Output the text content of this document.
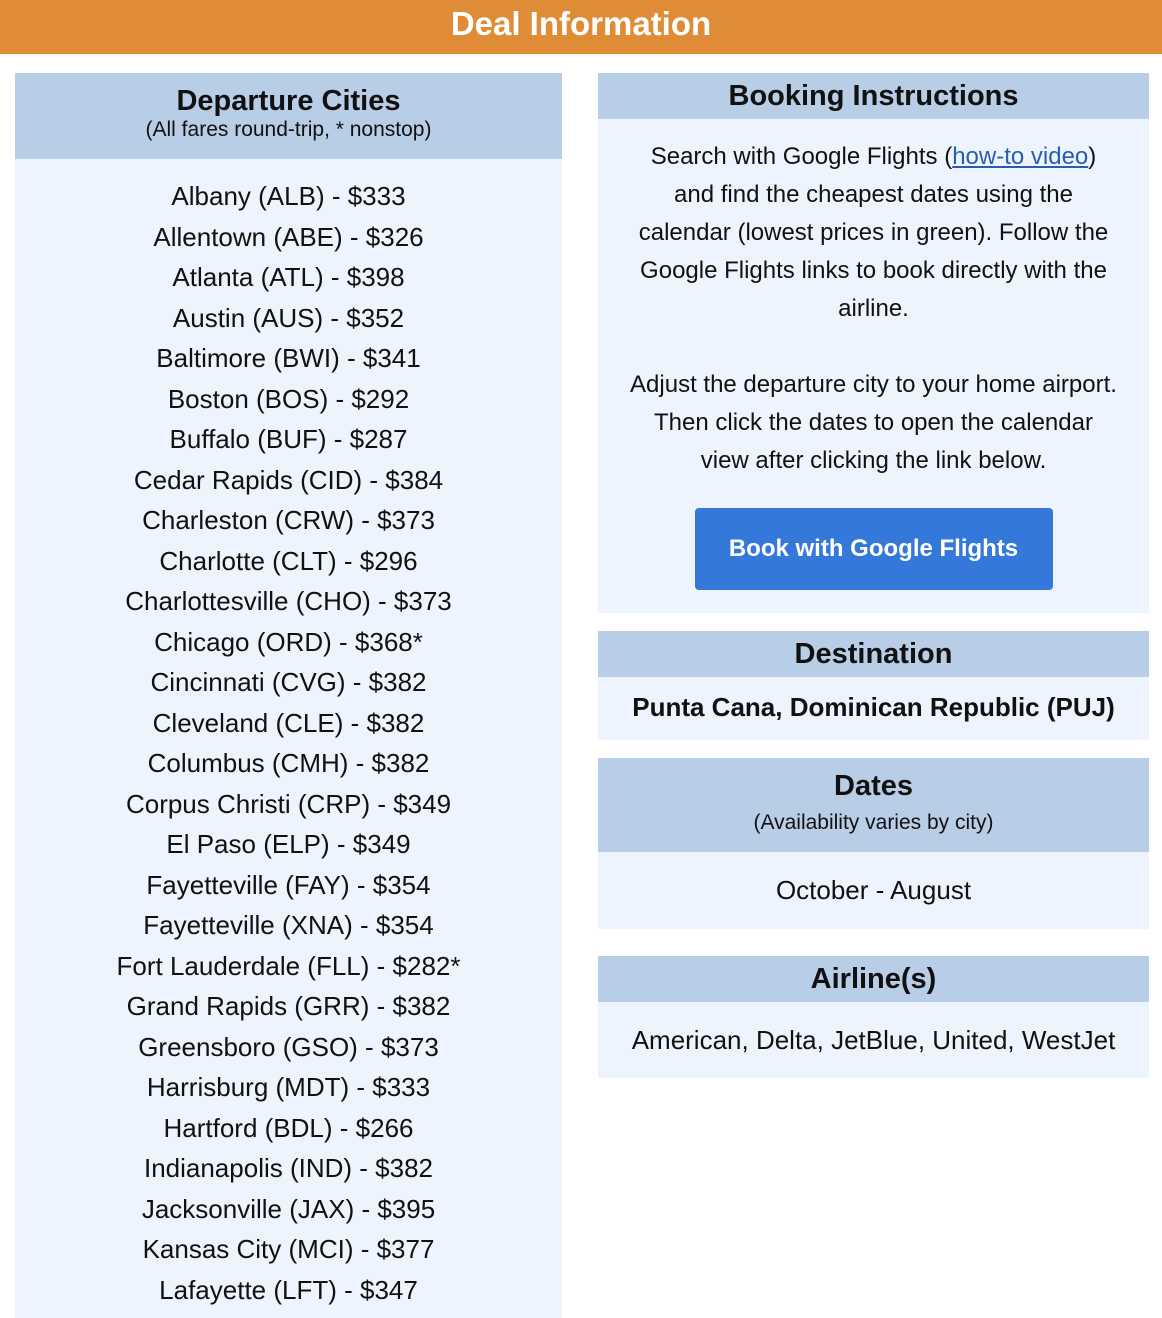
Deal Information
Departure Cities
(All fares round-trip, * nonstop)
Albany (ALB) - $333
Allentown (ABE) - $326
Atlanta (ATL) - $398
Austin (AUS) - $352
Baltimore (BWI) - $341
Boston (BOS) - $292
Buffalo (BUF) - $287
Cedar Rapids (CID) - $384
Charleston (CRW) - $373
Charlotte (CLT) - $296
Charlottesville (CHO) - $373
Chicago (ORD) - $368*
Cincinnati (CVG) - $382
Cleveland (CLE) - $382
Columbus (CMH) - $382
Corpus Christi (CRP) - $349
El Paso (ELP) - $349
Fayetteville (FAY) - $354
Fayetteville (XNA) - $354
Fort Lauderdale (FLL) - $282*
Grand Rapids (GRR) - $382
Greensboro (GSO) - $373
Harrisburg (MDT) - $333
Hartford (BDL) - $266
Indianapolis (IND) - $382
Jacksonville (JAX) - $395
Kansas City (MCI) - $377
Lafayette (LFT) - $347
Booking Instructions

Search with Google Flights (how-to video) and find the cheapest dates using the calendar (lowest prices in green). Follow the Google Flights links to book directly with the airline.

Adjust the departure city to your home airport. Then click the dates to open the calendar view after clicking the link below.

Book with Google Flights
Destination
Punta Cana, Dominican Republic (PUJ)
Dates
(Availability varies by city)
October - August
Airline(s)
American, Delta, JetBlue, United, WestJet
